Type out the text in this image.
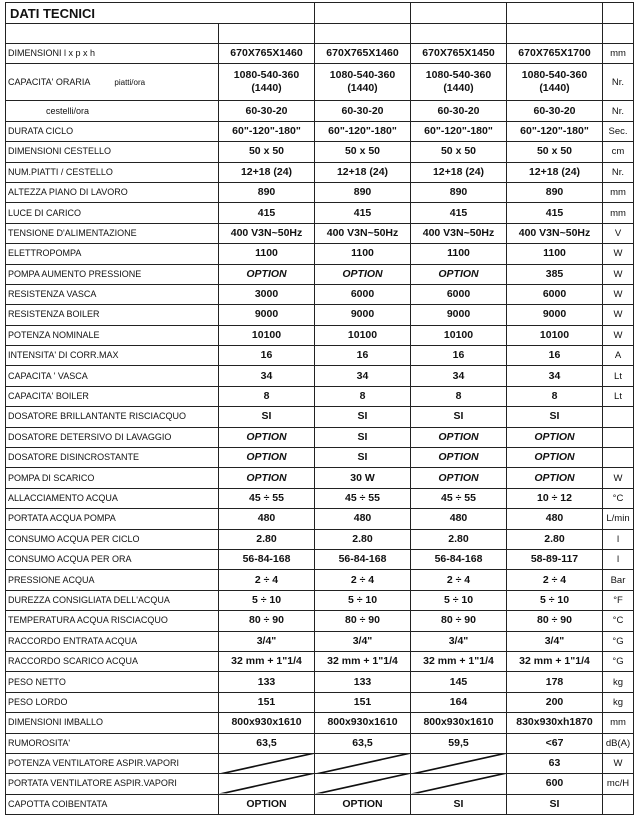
DATI TECNICI					

DIMENSIONI l x p x h	670X765X1460	670X765X1460	670X765X1450	670X765X1700	mm
CAPACITA' ORARIA piatti/ora	1080-540-360 (1440)	1080-540-360 (1440)	1080-540-360 (1440)	1080-540-360 (1440)	Nr.
cestelli/ora	60-30-20	60-30-20	60-30-20	60-30-20	Nr.
DURATA CICLO	60"-120"-180"	60"-120"-180"	60"-120"-180"	60"-120"-180"	Sec.
DIMENSIONI CESTELLO	50 x 50	50 x 50	50 x 50	50 x 50	cm
NUM.PIATTI / CESTELLO	12+18 (24)	12+18 (24)	12+18 (24)	12+18 (24)	Nr.
ALTEZZA PIANO DI LAVORO	890	890	890	890	mm
LUCE DI CARICO	415	415	415	415	mm
TENSIONE D'ALIMENTAZIONE	400 V3N~50Hz	400 V3N~50Hz	400 V3N~50Hz	400 V3N~50Hz	V
ELETTROPOMPA	1100	1100	1100	1100	W
POMPA AUMENTO PRESSIONE	OPTION	OPTION	OPTION	385	W
RESISTENZA VASCA	3000	6000	6000	6000	W
RESISTENZA BOILER	9000	9000	9000	9000	W
POTENZA NOMINALE	10100	10100	10100	10100	W
INTENSITA' DI CORR.MAX	16	16	16	16	A
CAPACITA ' VASCA	34	34	34	34	Lt
CAPACITA' BOILER	8	8	8	8	Lt
DOSATORE BRILLANTANTE RISCIACQUO	SI	SI	SI	SI	
DOSATORE DETERSIVO DI LAVAGGIO	OPTION	SI	OPTION	OPTION	
DOSATORE DISINCROSTANTE	OPTION	SI	OPTION	OPTION	
POMPA DI SCARICO	OPTION	30 W	OPTION	OPTION	W
ALLACCIAMENTO ACQUA	45 ÷ 55	45 ÷ 55	45 ÷ 55	10 ÷ 12	°C
PORTATA ACQUA POMPA	480	480	480	480	L/min
CONSUMO ACQUA PER CICLO	2.80	2.80	2.80	2.80	l
CONSUMO ACQUA PER ORA	56-84-168	56-84-168	56-84-168	58-89-117	l
PRESSIONE ACQUA	2 ÷ 4	2 ÷ 4	2 ÷ 4	2 ÷ 4	Bar
DUREZZA CONSIGLIATA DELL'ACQUA	5 ÷ 10	5 ÷ 10	5 ÷ 10	5 ÷ 10	°F
TEMPERATURA ACQUA RISCIACQUO	80 ÷ 90	80 ÷ 90	80 ÷ 90	80 ÷ 90	°C
RACCORDO ENTRATA ACQUA	3/4"	3/4"	3/4"	3/4"	°G
RACCORDO SCARICO ACQUA	32 mm + 1"1/4	32 mm + 1"1/4	32 mm + 1"1/4	32 mm + 1"1/4	°G
PESO NETTO	133	133	145	178	kg
PESO LORDO	151	151	164	200	kg
DIMENSIONI IMBALLO	800x930x1610	800x930x1610	800x930x1610	830x930xh1870	mm
RUMOROSITA'	63,5	63,5	59,5	<67	dB(A)
POTENZA VENTILATORE ASPIR.VAPORI				63	W
PORTATA VENTILATORE ASPIR.VAPORI				600	mc/H
CAPOTTA COIBENTATA	OPTION	OPTION	SI	SI	
